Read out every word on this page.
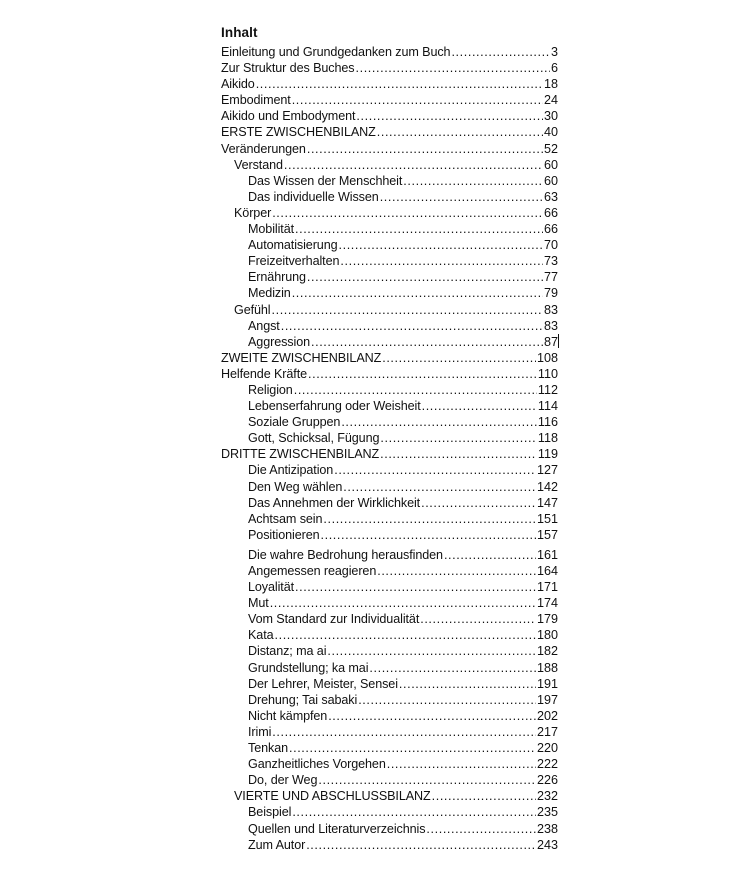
Inhalt
Einleitung und Grundgedanken zum Buch .....	3
Zur Struktur des Buches .....	6
Aikido .....	18
Embodiment .....	24
Aikido und Embodyment .....	30
ERSTE ZWISCHENBILANZ .....	40
Veränderungen .....	52
Verstand .....	60
Das Wissen der Menschheit .....	60
Das individuelle Wissen .....	63
Körper .....	66
Mobilität .....	66
Automatisierung .....	70
Freizeitverhalten .....	73
Ernährung .....	77
Medizin .....	79
Gefühl .....	83
Angst .....	83
Aggression .....	87
ZWEITE ZWISCHENBILANZ .....	108
Helfende Kräfte .....	110
Religion .....	112
Lebenserfahrung oder Weisheit .....	114
Soziale Gruppen .....	116
Gott, Schicksal, Fügung .....	118
DRITTE ZWISCHENBILANZ .....	119
Die Antizipation .....	127
Den Weg wählen .....	142
Das Annehmen der Wirklichkeit .....	147
Achtsam sein .....	151
Positionieren .....	157
Die wahre Bedrohung herausfinden .....	161
Angemessen reagieren .....	164
Loyalität .....	171
Mut .....	174
Vom Standard zur Individualität .....	179
Kata .....	180
Distanz; ma ai .....	182
Grundstellung; ka mai .....	188
Der Lehrer, Meister, Sensei .....	191
Drehung; Tai sabaki .....	197
Nicht kämpfen .....	202
Irimi .....	217
Tenkan .....	220
Ganzheitliches Vorgehen .....	222
Do, der Weg .....	226
VIERTE UND ABSCHLUSSBILANZ .....	232
Beispiel .....	235
Quellen und Literaturverzeichnis .....	238
Zum Autor .....	243
